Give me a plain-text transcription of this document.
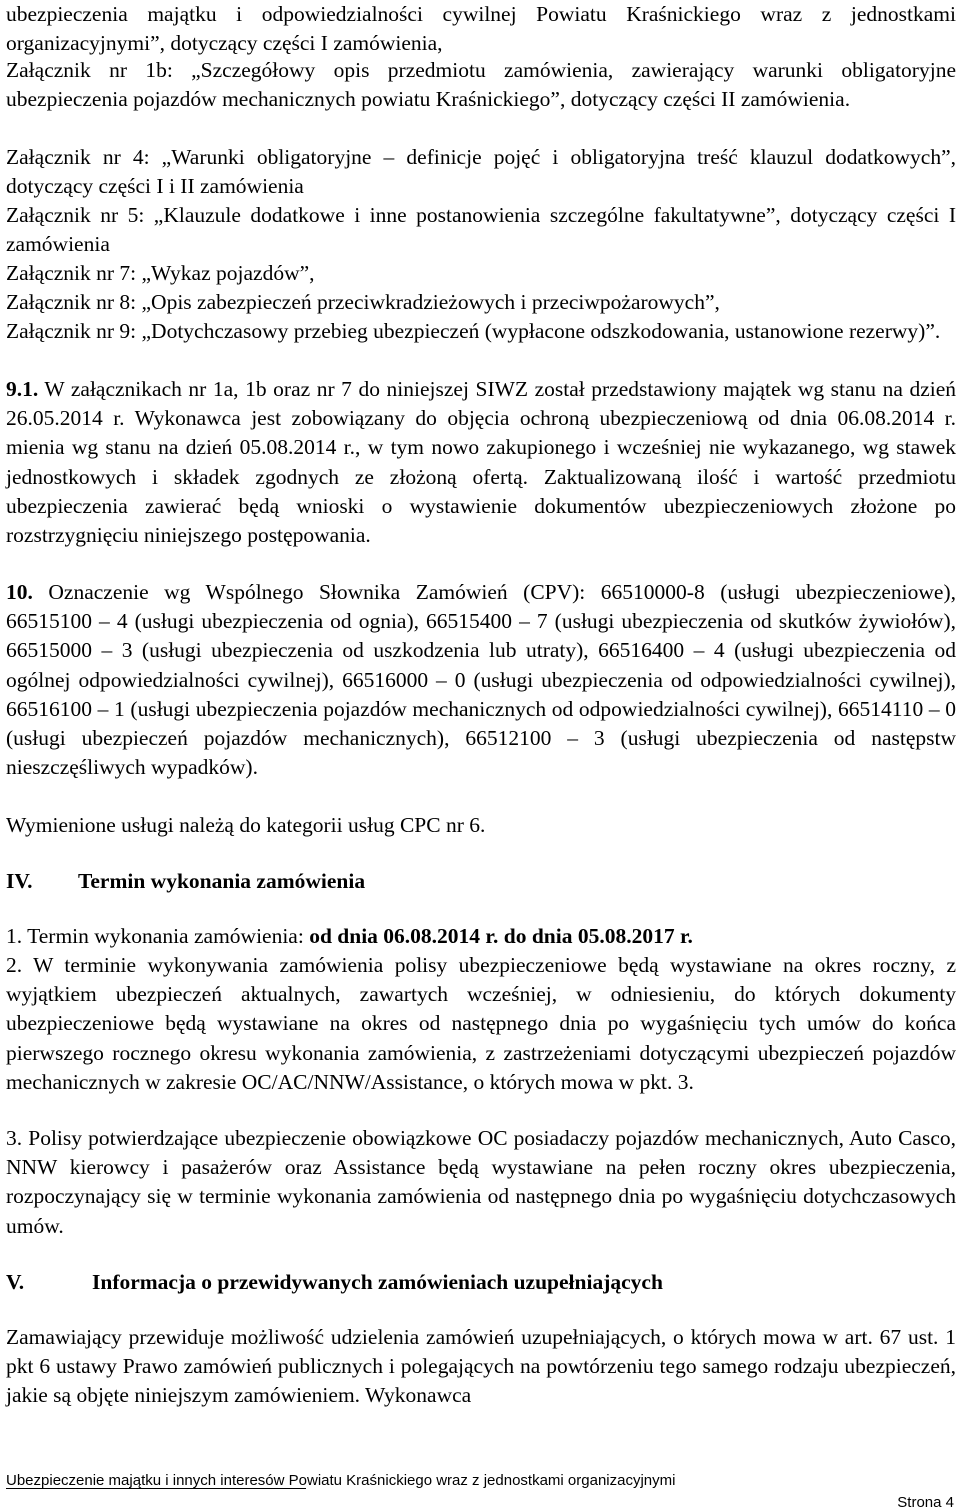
ubezpieczenia majątku i odpowiedzialności cywilnej Powiatu Kraśnickiego wraz z jednostkami organizacyjnymi”, dotyczący części I zamówienia,

Załącznik nr 1b: „Szczegółowy opis przedmiotu zamówienia, zawierający warunki obligatoryjne ubezpieczenia pojazdów mechanicznych powiatu Kraśnickiego”, dotyczący części II zamówienia.

Załącznik nr 4: „Warunki obligatoryjne – definicje pojęć i obligatoryjna treść klauzul dodatkowych”, dotyczący części I i II zamówienia

Załącznik nr 5: „Klauzule dodatkowe i inne postanowienia szczególne fakultatywne”, dotyczący części I zamówienia

Załącznik nr 7: „Wykaz pojazdów”,

Załącznik nr 8: „Opis zabezpieczeń przeciwkradzieżowych i przeciwpożarowych”,

Załącznik nr 9: „Dotychczasowy przebieg ubezpieczeń (wypłacone odszkodowania, ustanowione rezerwy)”.

9.1. W załącznikach nr 1a, 1b oraz nr 7 do niniejszej SIWZ został przedstawiony majątek wg stanu na dzień 26.05.2014 r. Wykonawca jest zobowiązany do objęcia ochroną ubezpieczeniową od dnia 06.08.2014 r. mienia wg stanu na dzień 05.08.2014 r., w tym nowo zakupionego i wcześniej nie wykazanego, wg stawek jednostkowych i składek zgodnych ze złożoną ofertą. Zaktualizowaną ilość i wartość przedmiotu ubezpieczenia zawierać będą wnioski o wystawienie dokumentów ubezpieczeniowych złożone po rozstrzygnięciu niniejszego postępowania.

10. Oznaczenie wg Wspólnego Słownika Zamówień (CPV): 66510000-8 (usługi ubezpieczeniowe), 66515100 – 4 (usługi ubezpieczenia od ognia), 66515400 – 7 (usługi ubezpieczenia od skutków żywiołów), 66515000 – 3 (usługi ubezpieczenia od uszkodzenia lub utraty), 66516400 – 4 (usługi ubezpieczenia od ogólnej odpowiedzialności cywilnej), 66516000 – 0 (usługi ubezpieczenia od odpowiedzialności cywilnej), 66516100 – 1 (usługi ubezpieczenia pojazdów mechanicznych od odpowiedzialności cywilnej), 66514110 – 0 (usługi ubezpieczeń pojazdów mechanicznych), 66512100 – 3 (usługi ubezpieczenia od następstw nieszczęśliwych wypadków).

Wymienione usługi należą do kategorii usług CPC nr 6.

IV. Termin wykonania zamówienia

1. Termin wykonania zamówienia: od dnia 06.08.2014 r. do dnia 05.08.2017 r.

2. W terminie wykonywania zamówienia polisy ubezpieczeniowe będą wystawiane na okres roczny, z wyjątkiem ubezpieczeń aktualnych, zawartych wcześniej, w odniesieniu, do których dokumenty ubezpieczeniowe będą wystawiane na okres od następnego dnia po wygaśnięciu tych umów do końca pierwszego rocznego okresu wykonania zamówienia, z zastrzeżeniami dotyczącymi ubezpieczeń pojazdów mechanicznych w zakresie OC/AC/NNW/Assistance, o których mowa w pkt. 3.

3. Polisy potwierdzające ubezpieczenie obowiązkowe OC posiadaczy pojazdów mechanicznych, Auto Casco, NNW kierowcy i pasażerów oraz Assistance będą wystawiane na pełen roczny okres ubezpieczenia, rozpoczynający się w terminie wykonania zamówienia od następnego dnia po wygaśnięciu dotychczasowych umów.

V.	Informacja o przewidywanych zamówieniach uzupełniających

Zamawiający przewiduje możliwość udzielenia zamówień uzupełniających, o których mowa w art. 67 ust. 1 pkt 6 ustawy Prawo zamówień publicznych i polegających na powtórzeniu tego samego rodzaju ubezpieczeń, jakie są objęte niniejszym zamówieniem. Wykonawca

Ubezpieczenie majątku i innych interesów Powiatu Kraśnickiego wraz z jednostkami organizacyjnymi
Strona 4
